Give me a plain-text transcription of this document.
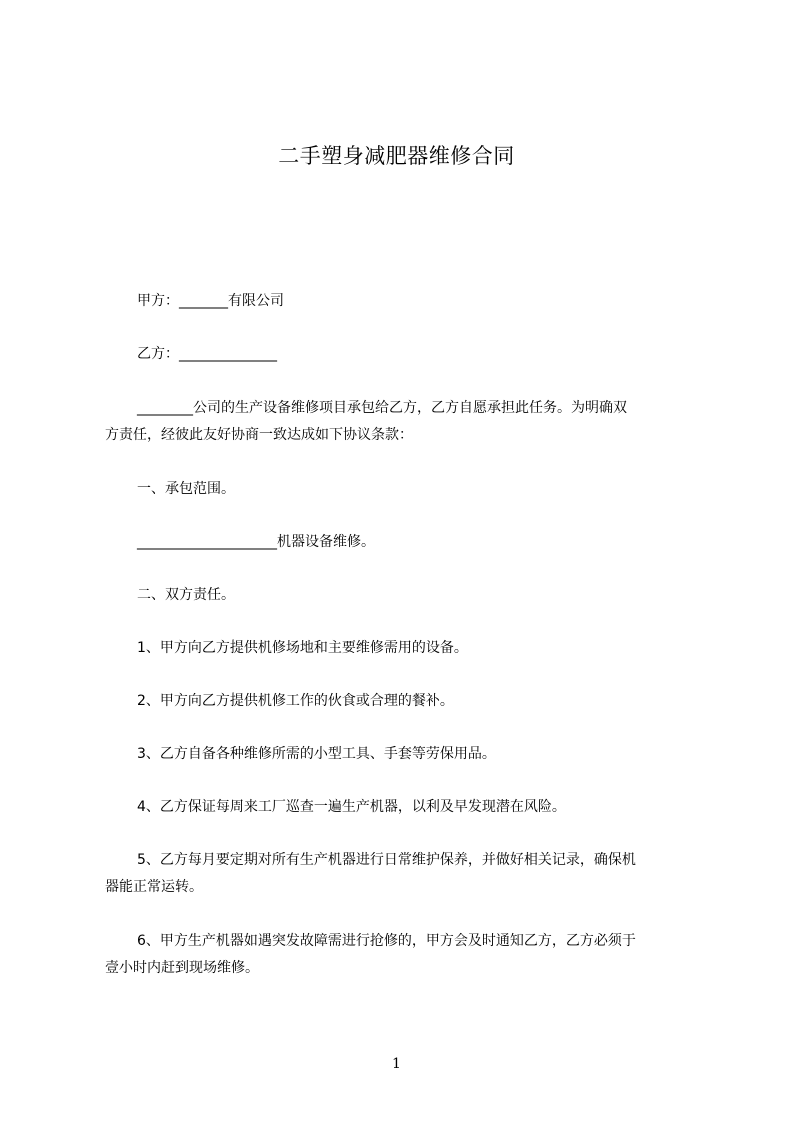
二手塑身减肥器维修合同

甲方：_______有限公司

乙方：______________

________公司的生产设备维修项目承包给乙方，乙方自愿承担此任务。为明确双

方责任，经彼此友好协商一致达成如下协议条款：

一、承包范围。

____________________机器设备维修。

二、双方责任。

1、甲方向乙方提供机修场地和主要维修需用的设备。

2、甲方向乙方提供机修工作的伙食或合理的餐补。

3、乙方自备各种维修所需的小型工具、手套等劳保用品。

4、乙方保证每周来工厂巡查一遍生产机器，以利及早发现潜在风险。

5、乙方每月要定期对所有生产机器进行日常维护保养，并做好相关记录，确保机

器能正常运转。

6、甲方生产机器如遇突发故障需进行抢修的，甲方会及时通知乙方，乙方必须于

壹小时内赶到现场维修。

1
